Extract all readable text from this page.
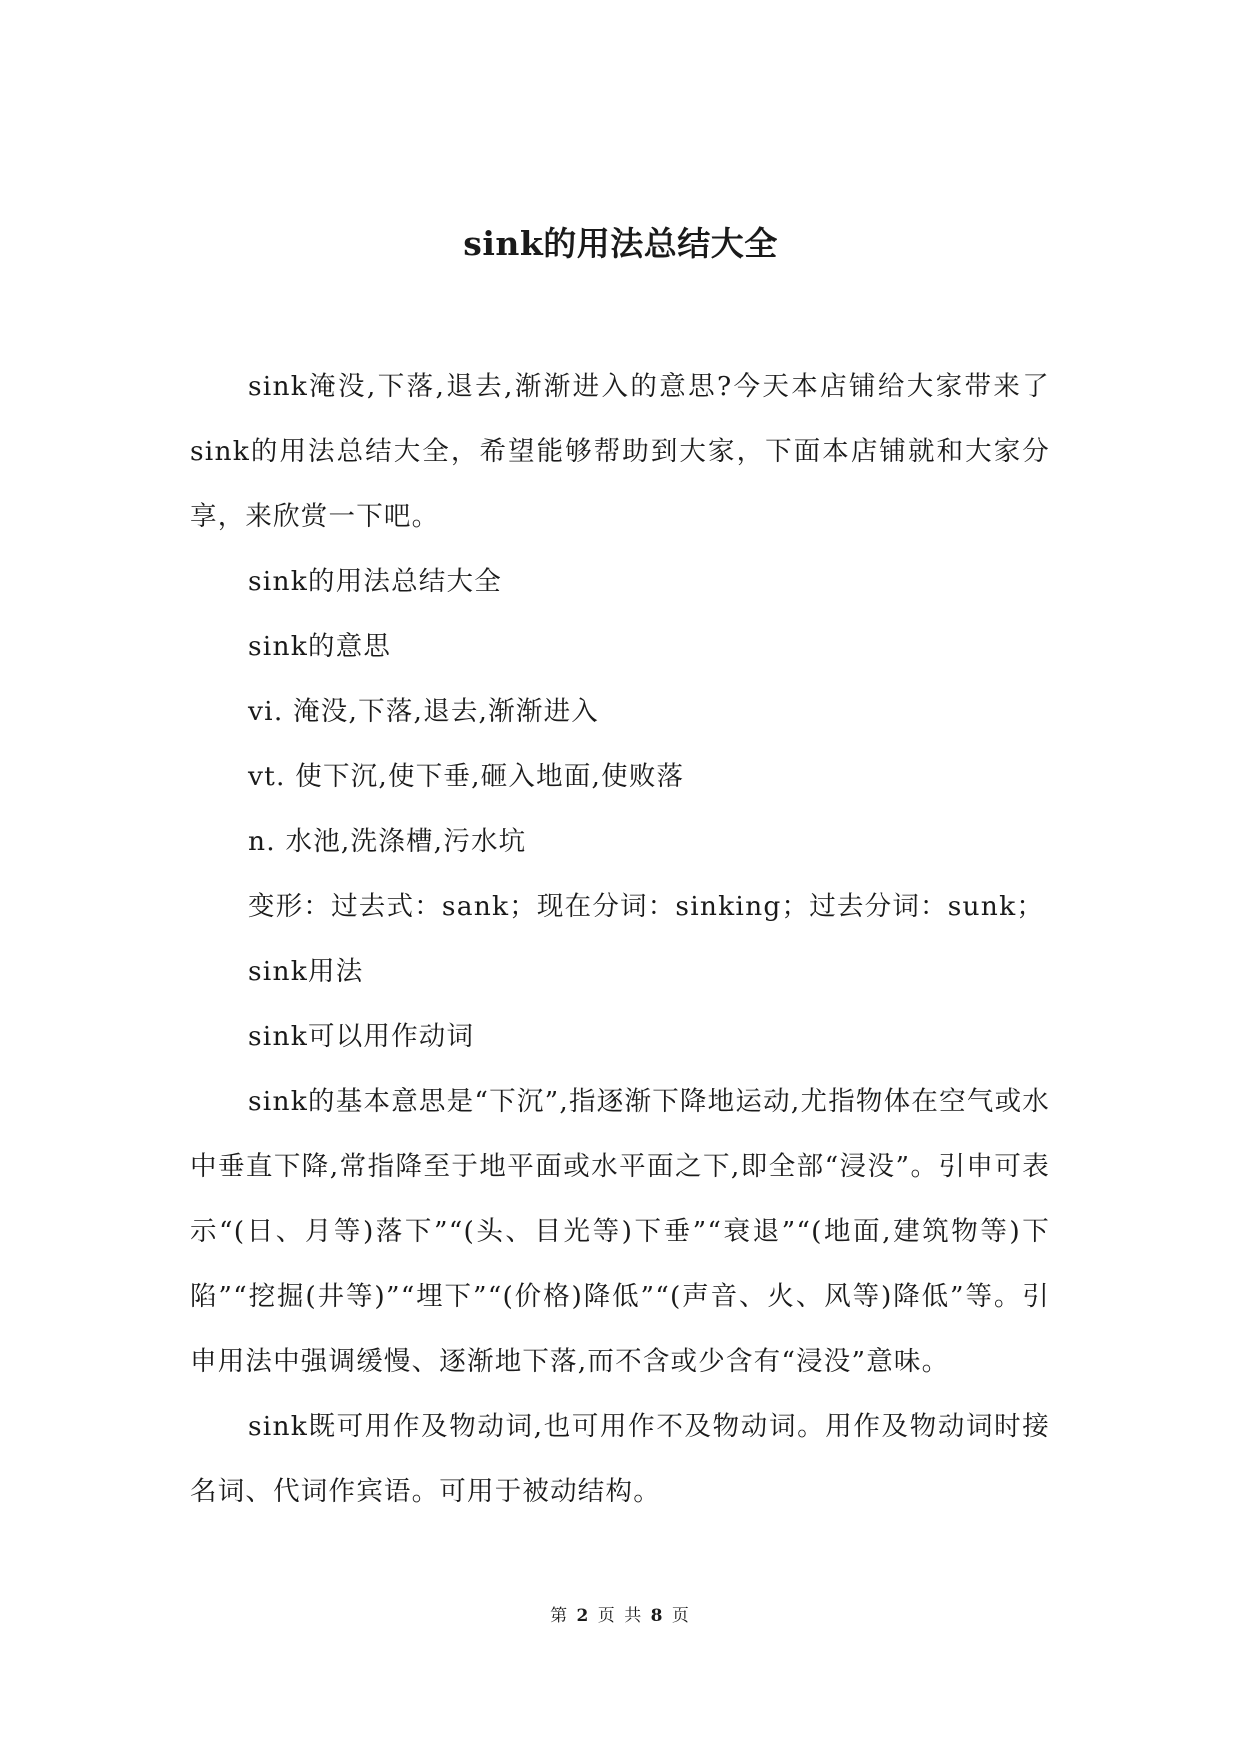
sink的用法总结大全

sink淹没,下落,退去,渐渐进入的意思?今天本店铺给大家带来了sink的用法总结大全，希望能够帮助到大家，下面本店铺就和大家分享，来欣赏一下吧。

sink的用法总结大全

sink的意思

vi. 淹没,下落,退去,渐渐进入

vt. 使下沉,使下垂,砸入地面,使败落

n. 水池,洗涤槽,污水坑

变形：过去式：sank；现在分词：sinking；过去分词：sunk；

sink用法

sink可以用作动词

sink的基本意思是“下沉”,指逐渐下降地运动,尤指物体在空气或水中垂直下降,常指降至于地平面或水平面之下,即全部“浸没”。引申可表示“(日、月等)落下”“(头、目光等)下垂”“衰退”“(地面,建筑物等)下陷”“挖掘(井等)”“埋下”“(价格)降低”“(声音、火、风等)降低”等。引申用法中强调缓慢、逐渐地下落,而不含或少含有“浸没”意味。

sink既可用作及物动词,也可用作不及物动词。用作及物动词时接名词、代词作宾语。可用于被动结构。

第 2 页 共 8 页
